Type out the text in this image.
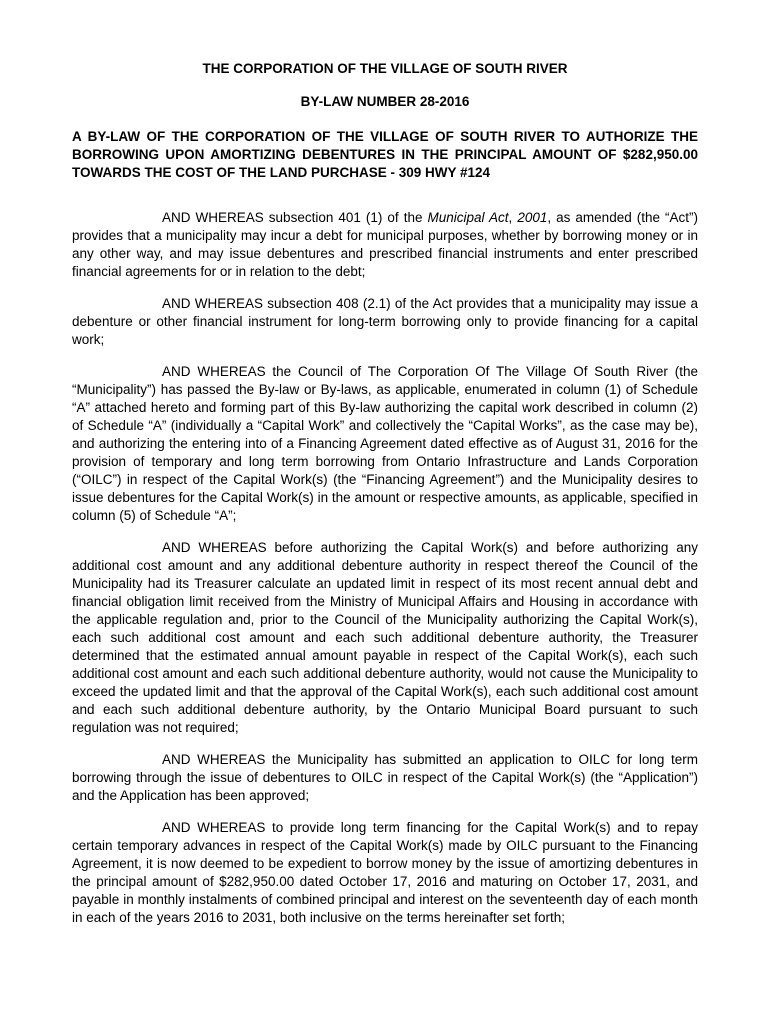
THE CORPORATION OF THE VILLAGE OF SOUTH RIVER

BY-LAW NUMBER 28-2016

A BY-LAW OF THE CORPORATION OF THE VILLAGE OF SOUTH RIVER TO AUTHORIZE THE BORROWING UPON AMORTIZING DEBENTURES IN THE PRINCIPAL AMOUNT OF $282,950.00 TOWARDS THE COST OF THE LAND PURCHASE - 309 HWY #124

AND WHEREAS subsection 401 (1) of the Municipal Act, 2001, as amended (the “Act”) provides that a municipality may incur a debt for municipal purposes, whether by borrowing money or in any other way, and may issue debentures and prescribed financial instruments and enter prescribed financial agreements for or in relation to the debt;

AND WHEREAS subsection 408 (2.1) of the Act provides that a municipality may issue a debenture or other financial instrument for long-term borrowing only to provide financing for a capital work;

AND WHEREAS the Council of The Corporation Of The Village Of South River (the “Municipality”) has passed the By-law or By-laws, as applicable, enumerated in column (1) of Schedule “A” attached hereto and forming part of this By-law authorizing the capital work described in column (2) of Schedule “A” (individually a “Capital Work” and collectively the “Capital Works”, as the case may be), and authorizing the entering into of a Financing Agreement dated effective as of August 31, 2016 for the provision of temporary and long term borrowing from Ontario Infrastructure and Lands Corporation (“OILC”) in respect of the Capital Work(s) (the “Financing Agreement”) and the Municipality desires to issue debentures for the Capital Work(s) in the amount or respective amounts, as applicable, specified in column (5) of Schedule “A”;

AND WHEREAS before authorizing the Capital Work(s) and before authorizing any additional cost amount and any additional debenture authority in respect thereof the Council of the Municipality had its Treasurer calculate an updated limit in respect of its most recent annual debt and financial obligation limit received from the Ministry of Municipal Affairs and Housing in accordance with the applicable regulation and, prior to the Council of the Municipality authorizing the Capital Work(s), each such additional cost amount and each such additional debenture authority, the Treasurer determined that the estimated annual amount payable in respect of the Capital Work(s), each such additional cost amount and each such additional debenture authority, would not cause the Municipality to exceed the updated limit and that the approval of the Capital Work(s), each such additional cost amount and each such additional debenture authority, by the Ontario Municipal Board pursuant to such regulation was not required;

AND WHEREAS the Municipality has submitted an application to OILC for long term borrowing through the issue of debentures to OILC in respect of the Capital Work(s) (the “Application”) and the Application has been approved;

AND WHEREAS to provide long term financing for the Capital Work(s) and to repay certain temporary advances in respect of the Capital Work(s) made by OILC pursuant to the Financing Agreement, it is now deemed to be expedient to borrow money by the issue of amortizing debentures in the principal amount of $282,950.00 dated October 17, 2016 and maturing on October 17, 2031, and payable in monthly instalments of combined principal and interest on the seventeenth day of each month in each of the years 2016 to 2031, both inclusive on the terms hereinafter set forth;
